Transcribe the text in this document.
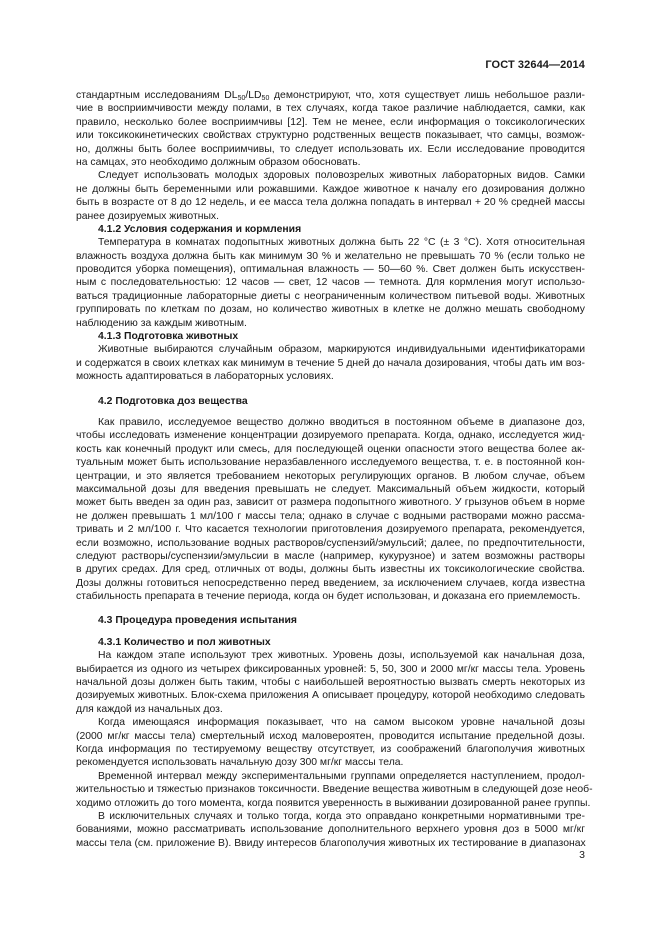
ГОСТ 32644—2014
стандартным исследованиям $DL_{50}/LD_{50}$ демонстрируют, что, хотя существует лишь небольшое разли-
чие в восприимчивости между полами, в тех случаях, когда такое различие наблюдается, самки, как
правило, несколько более восприимчивы [12]. Тем не менее, если информация о токсикологических
или токсикокинетических свойствах структурно родственных веществ показывает, что самцы, возмож-
но, должны быть более восприимчивы, то следует использовать их. Если исследование проводится
на самцах, это необходимо должным образом обосновать.
Следует использовать молодых здоровых половозрелых животных лабораторных видов. Самки
не должны быть беременными или рожавшими. Каждое животное к началу его дозирования должно
быть в возрасте от 8 до 12 недель, и ее масса тела должна попадать в интервал + 20 % средней массы
ранее дозируемых животных.
4.1.2 Условия содержания и кормления
Температура в комнатах подопытных животных должна быть 22 °С (± 3 °С). Хотя относительная
влажность воздуха должна быть как минимум 30 % и желательно не превышать 70 % (если только не
проводится уборка помещения), оптимальная влажность — 50—60 %. Свет должен быть искусствен-
ным с последовательностью: 12 часов — свет, 12 часов — темнота. Для кормления могут использо-
ваться традиционные лабораторные диеты с неограниченным количеством питьевой воды. Животных
группировать по клеткам по дозам, но количество животных в клетке не должно мешать свободному
наблюдению за каждым животным.
4.1.3 Подготовка животных
Животные выбираются случайным образом, маркируются индивидуальными идентификаторами
и содержатся в своих клетках как минимум в течение 5 дней до начала дозирования, чтобы дать им воз-
можность адаптироваться в лабораторных условиях.
4.2 Подготовка доз вещества
Как правило, исследуемое вещество должно вводиться в постоянном объеме в диапазоне доз,
чтобы исследовать изменение концентрации дозируемого препарата. Когда, однако, исследуется жид-
кость как конечный продукт или смесь, для последующей оценки опасности этого вещества более ак-
туальным может быть использование неразбавленного исследуемого вещества, т. е. в постоянной кон-
центрации, и это является требованием некоторых регулирующих органов. В любом случае, объем
максимальной дозы для введения превышать не следует. Максимальный объем жидкости, который
может быть введен за один раз, зависит от размера подопытного животного. У грызунов объем в норме
не должен превышать 1 мл/100 г массы тела; однако в случае с водными растворами можно рассма-
тривать и 2 мл/100 г. Что касается технологии приготовления дозируемого препарата, рекомендуется,
если возможно, использование водных растворов/суспензий/эмульсий; далее, по предпочтительности,
следуют растворы/суспензии/эмульсии в масле (например, кукурузное) и затем возможны растворы
в других средах. Для сред, отличных от воды, должны быть известны их токсикологические свойства.
Дозы должны готовиться непосредственно перед введением, за исключением случаев, когда известна
стабильность препарата в течение периода, когда он будет использован, и доказана его приемлемость.
4.3 Процедура проведения испытания
4.3.1 Количество и пол животных
На каждом этапе используют трех животных. Уровень дозы, используемой как начальная доза,
выбирается из одного из четырех фиксированных уровней: 5, 50, 300 и 2000 мг/кг массы тела. Уровень
начальной дозы должен быть таким, чтобы с наибольшей вероятностью вызвать смерть некоторых из
дозируемых животных. Блок-схема приложения А описывает процедуру, которой необходимо следовать
для каждой из начальных доз.
Когда имеющаяся информация показывает, что на самом высоком уровне начальной дозы
(2000 мг/кг массы тела) смертельный исход маловероятен, проводится испытание предельной дозы.
Когда информация по тестируемому веществу отсутствует, из соображений благополучия животных
рекомендуется использовать начальную дозу 300 мг/кг массы тела.
Временной интервал между экспериментальными группами определяется наступлением, продол-
жительностью и тяжестью признаков токсичности. Введение вещества животным в следующей дозе необ-
ходимо отложить до того момента, когда появится уверенность в выживании дозированной ранее группы.
В исключительных случаях и только тогда, когда это оправдано конкретными нормативными тре-
бованиями, можно рассматривать использование дополнительного верхнего уровня доз в 5000 мг/кг
массы тела (см. приложение В). Ввиду интересов благополучия животных их тестирование в диапазонах
3
